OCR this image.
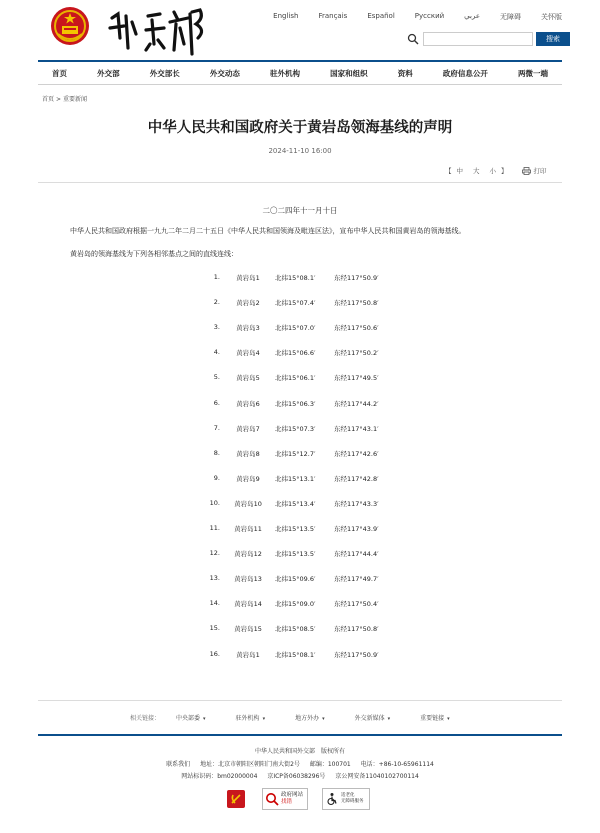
English	Français	Español	Русский	عربي	无障碍	关怀版
搜索
首页	外交部	外交部长	外交动态	驻外机构	国家和组织	资料	政府信息公开	两微一端
首页 > 重要新闻
中华人民共和国政府关于黄岩岛领海基线的声明
2024-11-10 16:00
【 中 大 小 】	打印
二〇二四年十一月十日
中华人民共和国政府根据一九九二年二月二十五日《中华人民共和国领海及毗连区法》，宣布中华人民共和国黄岩岛的领海基线。
黄岩岛的领海基线为下列各相邻基点之间的直线连线：
1.	黄岩岛1	北纬15°08.1′	东经117°50.9′
2.	黄岩岛2	北纬15°07.4′	东经117°50.8′
3.	黄岩岛3	北纬15°07.0′	东经117°50.6′
4.	黄岩岛4	北纬15°06.6′	东经117°50.2′
5.	黄岩岛5	北纬15°06.1′	东经117°49.5′
6.	黄岩岛6	北纬15°06.3′	东经117°44.2′
7.	黄岩岛7	北纬15°07.3′	东经117°43.1′
8.	黄岩岛8	北纬15°12.7′	东经117°42.6′
9.	黄岩岛9	北纬15°13.1′	东经117°42.8′
10.	黄岩岛10	北纬15°13.4′	东经117°43.3′
11.	黄岩岛11	北纬15°13.5′	东经117°43.9′
12.	黄岩岛12	北纬15°13.5′	东经117°44.4′
13.	黄岩岛13	北纬15°09.6′	东经117°49.7′
14.	黄岩岛14	北纬15°09.0′	东经117°50.4′
15.	黄岩岛15	北纬15°08.5′	东经117°50.8′
16.	黄岩岛1	北纬15°08.1′	东经117°50.9′
相关链接：	中央部委 ▾	驻外机构 ▾	地方外办 ▾	外交新媒体 ▾	重要链接 ▾
中华人民共和国外交部　版权所有
联系我们 地址：北京市朝阳区朝阳门南大街2号 邮编：100701 电话：+86-10-65961114
网站标识码：bm02000004 京ICP备06038296号 京公网安备11040102700114
政府网站
找错
适老化
无障碍服务
